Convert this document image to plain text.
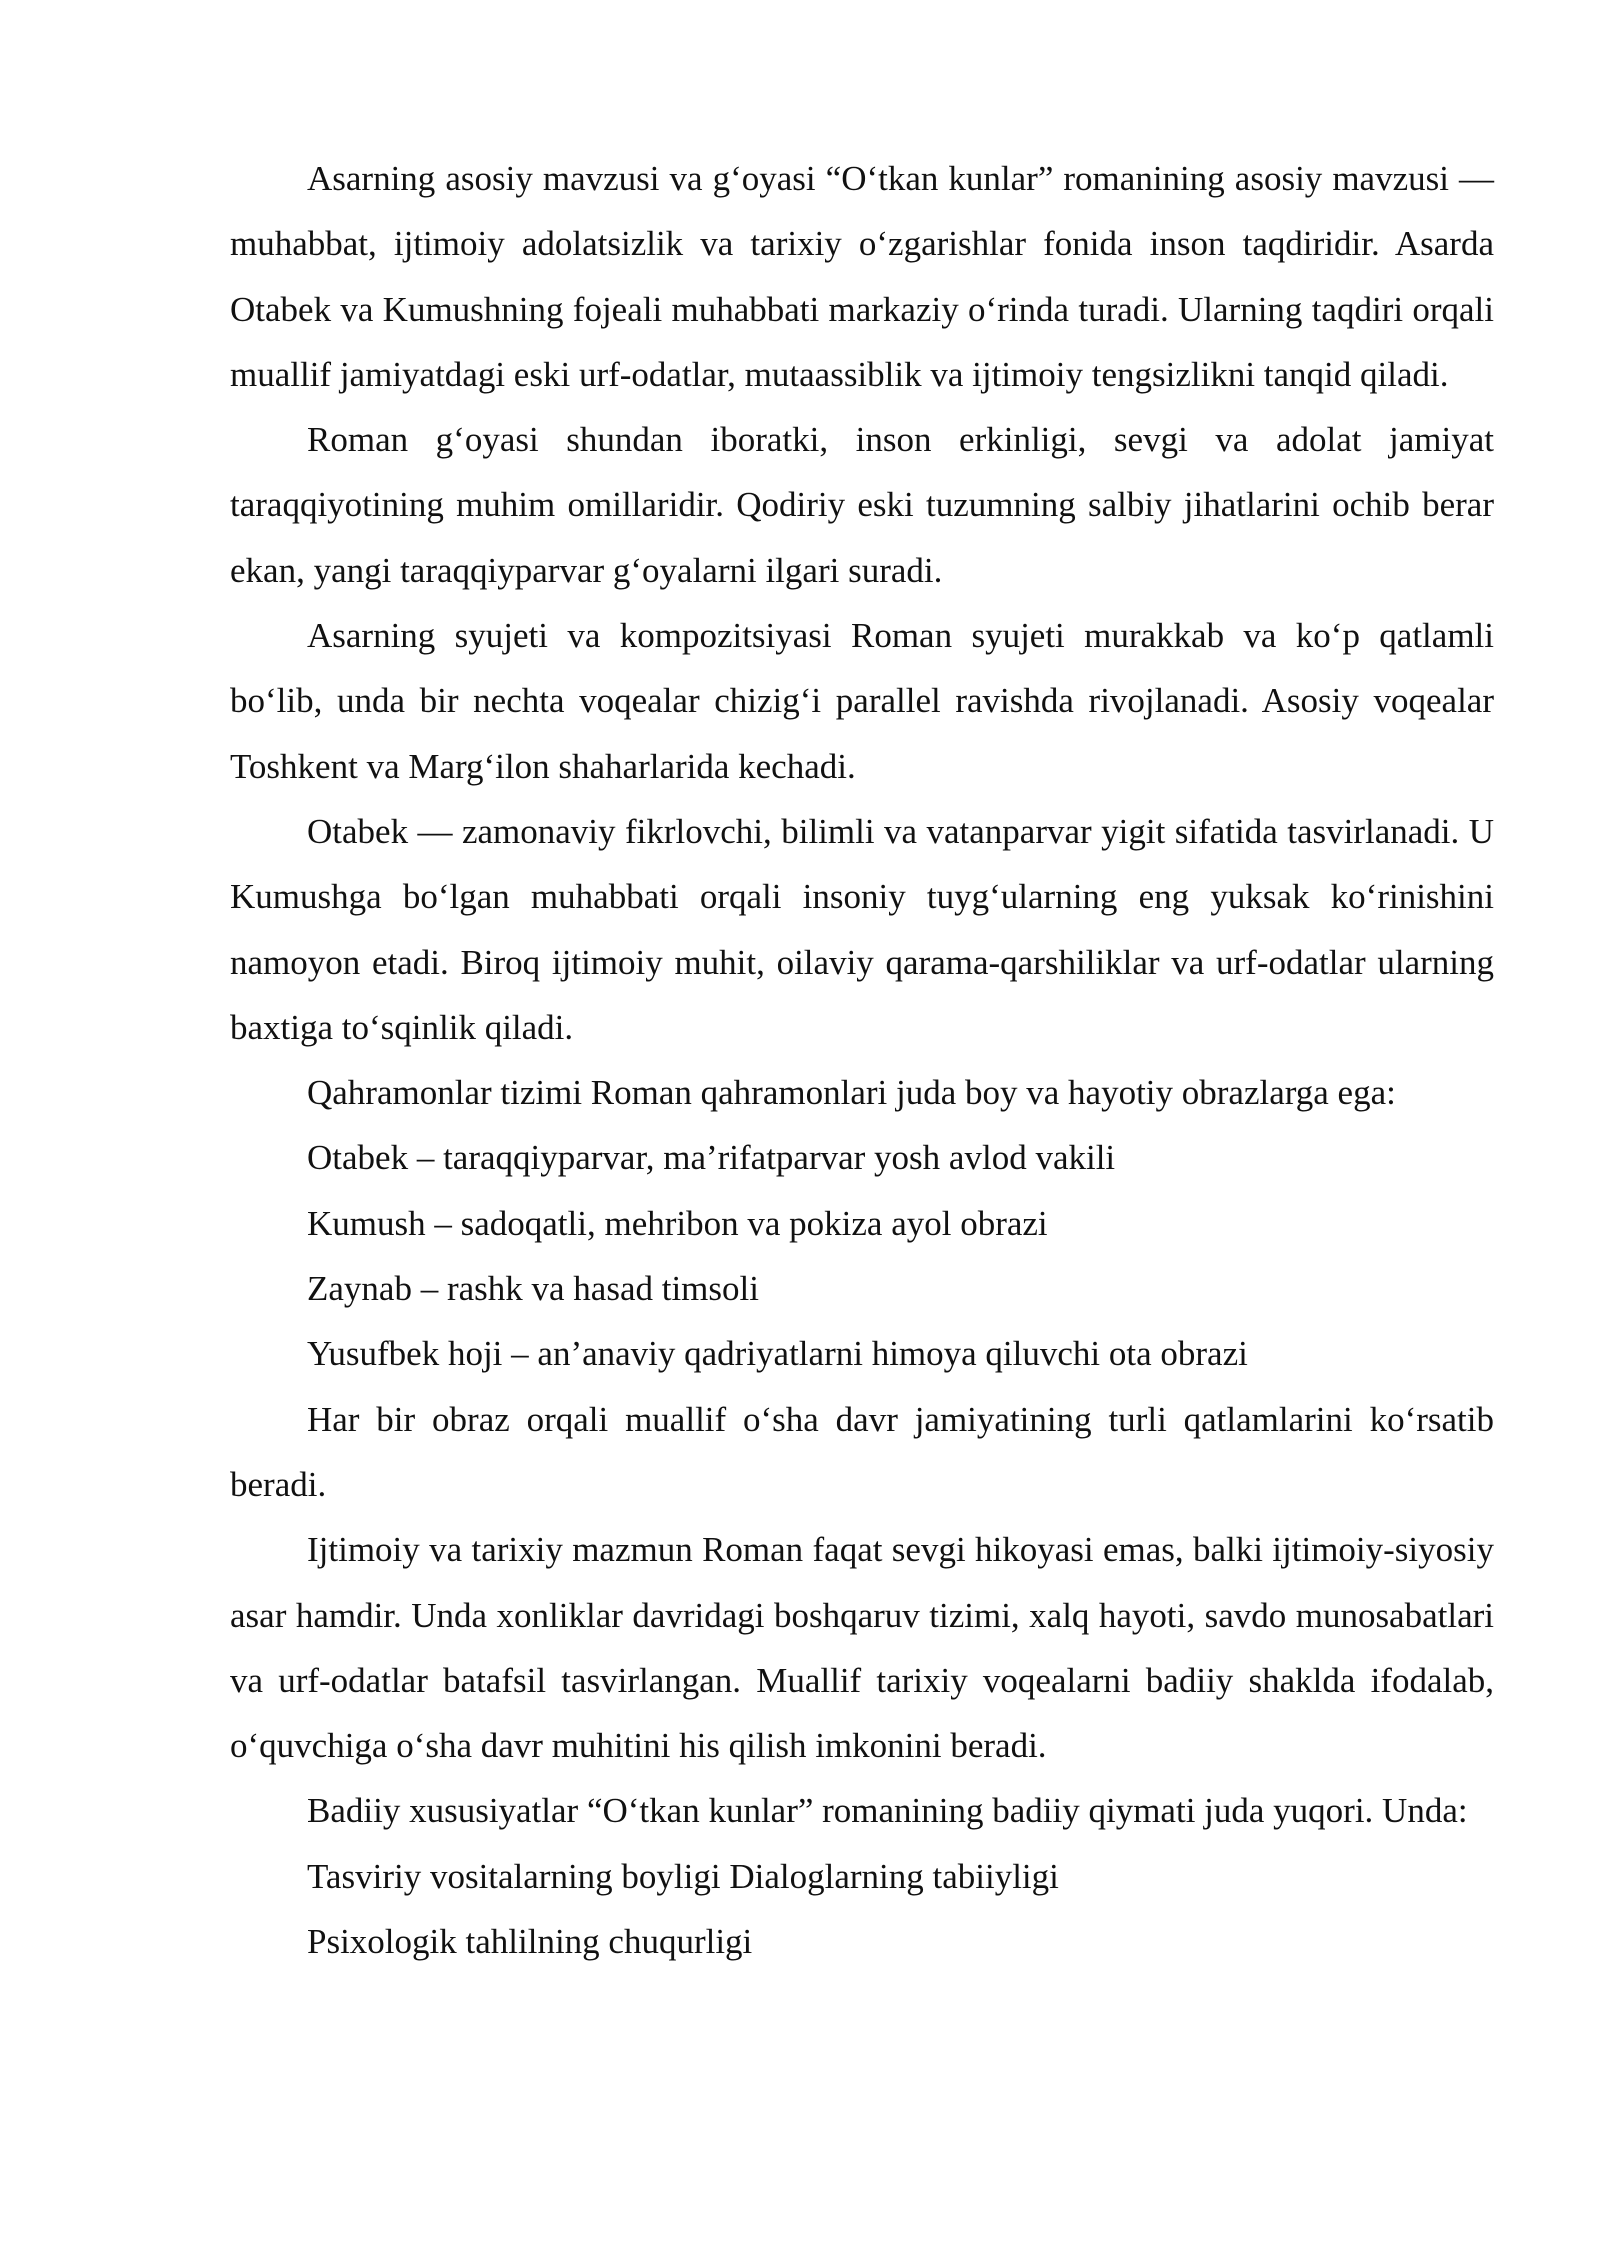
Asarning asosiy mavzusi va g‘oyasi “O‘tkan kunlar” romanining asosiy mavzusi — muhabbat, ijtimoiy adolatsizlik va tarixiy o‘zgarishlar fonida inson taqdiridir. Asarda Otabek va Kumushning fojeali muhabbati markaziy o‘rinda turadi. Ularning taqdiri orqali muallif jamiyatdagi eski urf-odatlar, mutaassiblik va ijtimoiy tengsizlikni tanqid qiladi.

Roman g‘oyasi shundan iboratki, inson erkinligi, sevgi va adolat jamiyat taraqqiyotining muhim omillaridir. Qodiriy eski tuzumning salbiy jihatlarini ochib berar ekan, yangi taraqqiyparvar g‘oyalarni ilgari suradi.

Asarning syujeti va kompozitsiyasi Roman syujeti murakkab va ko‘p qatlamli bo‘lib, unda bir nechta voqealar chizig‘i parallel ravishda rivojlanadi. Asosiy voqealar Toshkent va Marg‘ilon shaharlarida kechadi.

Otabek — zamonaviy fikrlovchi, bilimli va vatanparvar yigit sifatida tasvirlanadi. U Kumushga bo‘lgan muhabbati orqali insoniy tuyg‘ularning eng yuksak ko‘rinishini namoyon etadi. Biroq ijtimoiy muhit, oilaviy qarama-qarshiliklar va urf-odatlar ularning baxtiga to‘sqinlik qiladi.

Qahramonlar tizimi Roman qahramonlari juda boy va hayotiy obrazlarga ega:

Otabek – taraqqiyparvar, ma’rifatparvar yosh avlod vakili

Kumush – sadoqatli, mehribon va pokiza ayol obrazi

Zaynab – rashk va hasad timsoli

Yusufbek hoji – an’anaviy qadriyatlarni himoya qiluvchi ota obrazi

Har bir obraz orqali muallif o‘sha davr jamiyatining turli qatlamlarini ko‘rsatib beradi.

Ijtimoiy va tarixiy mazmun Roman faqat sevgi hikoyasi emas, balki ijtimoiy-siyosiy asar hamdir. Unda xonliklar davridagi boshqaruv tizimi, xalq hayoti, savdo munosabatlari va urf-odatlar batafsil tasvirlangan. Muallif tarixiy voqealarni badiiy shaklda ifodalab, o‘quvchiga o‘sha davr muhitini his qilish imkonini beradi.

Badiiy xususiyatlar “O‘tkan kunlar” romanining badiiy qiymati juda yuqori. Unda:

Tasviriy vositalarning boyligi Dialoglarning tabiiyligi

Psixologik tahlilning chuqurligi
